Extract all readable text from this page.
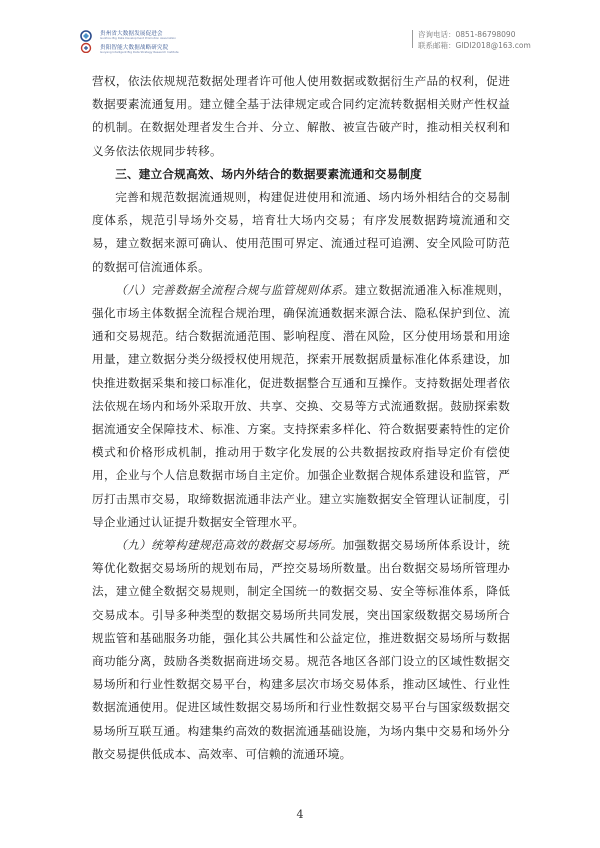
贵州省大数据发展促进会
Guizhou Big Data Development Promotion Association
贵阳智能大数据战略研究院
Guiyang Intelligent Big Data Strategy Research Institute
咨询电话：0851-86798090
联系邮箱：GIDI2018@163.com

营权，依法依规规范数据处理者许可他人使用数据或数据衍生产品的权利，促进数据要素流通复用。建立健全基于法律规定或合同约定流转数据相关财产性权益的机制。在数据处理者发生合并、分立、解散、被宣告破产时，推动相关权利和义务依法依规同步转移。

三、建立合规高效、场内外结合的数据要素流通和交易制度

完善和规范数据流通规则，构建促进使用和流通、场内场外相结合的交易制度体系，规范引导场外交易，培育壮大场内交易；有序发展数据跨境流通和交易，建立数据来源可确认、使用范围可界定、流通过程可追溯、安全风险可防范的数据可信流通体系。

（八）完善数据全流程合规与监管规则体系。建立数据流通准入标准规则，强化市场主体数据全流程合规治理，确保流通数据来源合法、隐私保护到位、流通和交易规范。结合数据流通范围、影响程度、潜在风险，区分使用场景和用途用量，建立数据分类分级授权使用规范，探索开展数据质量标准化体系建设，加快推进数据采集和接口标准化，促进数据整合互通和互操作。支持数据处理者依法依规在场内和场外采取开放、共享、交换、交易等方式流通数据。鼓励探索数据流通安全保障技术、标准、方案。支持探索多样化、符合数据要素特性的定价模式和价格形成机制，推动用于数字化发展的公共数据按政府指导定价有偿使用，企业与个人信息数据市场自主定价。加强企业数据合规体系建设和监管，严厉打击黑市交易，取缔数据流通非法产业。建立实施数据安全管理认证制度，引导企业通过认证提升数据安全管理水平。

（九）统筹构建规范高效的数据交易场所。加强数据交易场所体系设计，统筹优化数据交易场所的规划布局，严控交易场所数量。出台数据交易场所管理办法，建立健全数据交易规则，制定全国统一的数据交易、安全等标准体系，降低交易成本。引导多种类型的数据交易场所共同发展，突出国家级数据交易场所合规监管和基础服务功能，强化其公共属性和公益定位，推进数据交易场所与数据商功能分离，鼓励各类数据商进场交易。规范各地区各部门设立的区域性数据交易场所和行业性数据交易平台，构建多层次市场交易体系，推动区域性、行业性数据流通使用。促进区域性数据交易场所和行业性数据交易平台与国家级数据交易场所互联互通。构建集约高效的数据流通基础设施，为场内集中交易和场外分散交易提供低成本、高效率、可信赖的流通环境。

4
